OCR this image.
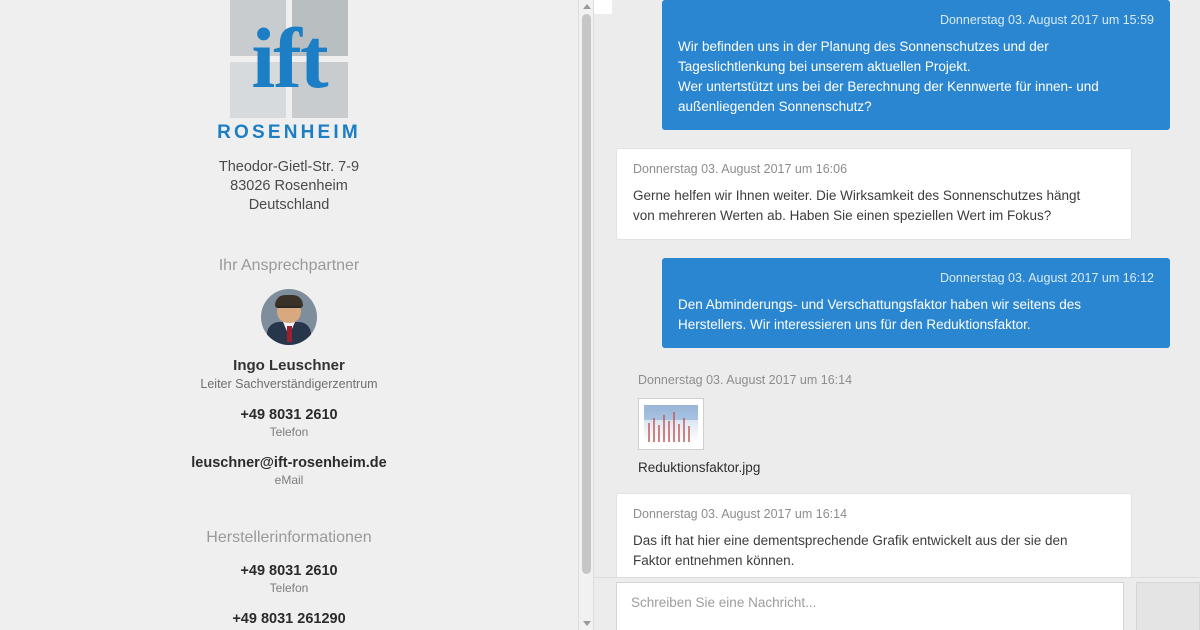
ift
ROSENHEIM
Theodor-Gietl-Str. 7-9
83026 Rosenheim
Deutschland
Ihr Ansprechpartner
Ingo Leuschner
Leiter Sachverständigerzentrum
+49 8031 2610
Telefon
leuschner@ift-rosenheim.de
eMail
Herstellerinformationen
+49 8031 2610
Telefon
+49 8031 261290
Donnerstag 03. August 2017 um 15:59

Wir befinden uns in der Planung des Sonnenschutzes und der

Tageslichtlenkung bei unserem aktuellen Projekt.

Wer untertstützt uns bei der Berechnung der Kennwerte für innen- und

außenliegenden Sonnenschutz?

Donnerstag 03. August 2017 um 16:06

Gerne helfen wir Ihnen weiter. Die Wirksamkeit des Sonnenschutzes hängt

von mehreren Werten ab. Haben Sie einen speziellen Wert im Fokus?

Donnerstag 03. August 2017 um 16:12

Den Abminderungs- und Verschattungsfaktor haben wir seitens des

Herstellers. Wir interessieren uns für den Reduktionsfaktor.

Donnerstag 03. August 2017 um 16:14
Reduktionsfaktor.jpg
Donnerstag 03. August 2017 um 16:14

Das ift hat hier eine dementsprechende Grafik entwickelt aus der sie den

Faktor entnehmen können.

Schreiben Sie eine Nachricht...
